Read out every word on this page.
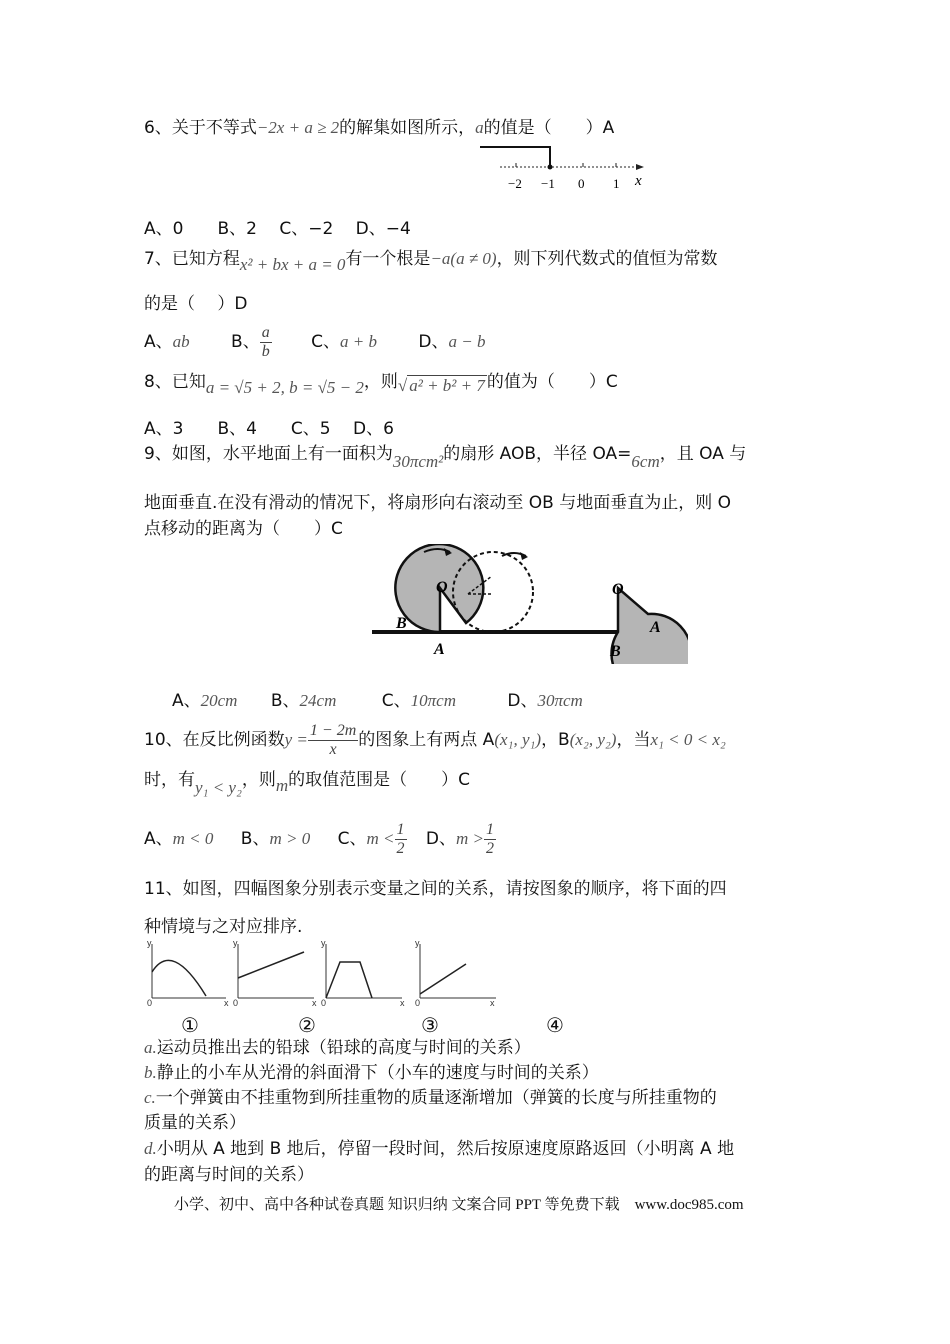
6、关于不等式−2x + a ≥ 2的解集如图所示，a的值是（　　）A
−2 −1 0 1 x
A、0　　B、2　 C、−2　 D、−4
7、已知方程x² + bx + a = 0有一个根是−a(a ≠ 0)，则下列代数式的值恒为常数
的是（　 ）D
A、ab B、 $\frac{a}{b}$ C、a + b D、a − b
8、已知a = √5 + 2, b = √5 − 2，则√ a² + b² + 7 的值为（　　）C
A、3　　B、4　　C、5　 D、6
9、如图，水平地面上有一面积为30πcm²的扇形 AOB，半径 OA=6cm，且 OA 与
地面垂直.在没有滑动的情况下，将扇形向右滚动至 OB 与地面垂直为止，则 O
点移动的距离为（　　）C
O	O
B
A
A
B
A、20cm B、24cm	C、10πcm	D、30πcm
10、在反比例函数$y = \frac{1 - 2m}{x}$ 的图象上有两点 A(x₁, y₁)，B(x₂, y₂)，当x₁ < 0 < x₂
时，有y₁ < y₂，则m的取值范围是（　　）C
A、m < 0 B、m > 0 C、$m < \frac{1}{2}$ D、$m > \frac{1}{2}$
11、如图，四幅图象分别表示变量之间的关系，请按图象的顺序，将下面的四
种情境与之对应排序.
y
0	x
y
0	x
y
0	x
y
0	x
①	②	③	④
a.运动员推出去的铅球（铅球的高度与时间的关系）
b.静止的小车从光滑的斜面滑下（小车的速度与时间的关系）
c.一个弹簧由不挂重物到所挂重物的质量逐渐增加（弹簧的长度与所挂重物的
质量的关系）
d.小明从 A 地到 B 地后，停留一段时间，然后按原速度原路返回（小明离 A 地
的距离与时间的关系）
小学、初中、高中各种试卷真题 知识归纳 文案合同 PPT 等免费下载　www.doc985.com
